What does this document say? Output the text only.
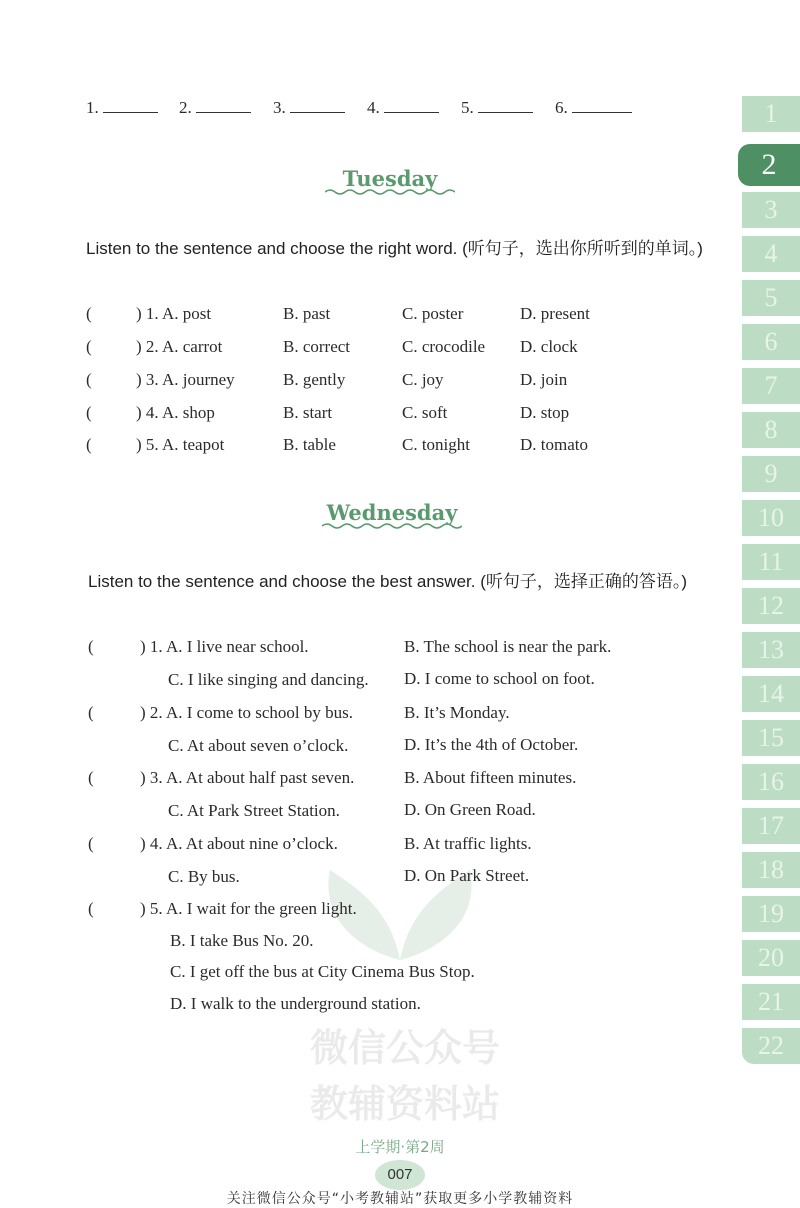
1.	2.	3.	4.	5.	6.
Tuesday
Listen to the sentence and choose the right word. (听句子，选出你所听到的单词。)
(	) 1. A. post	B. past	C. poster	D. present
(	) 2. A. carrot	B. correct	C. crocodile D. clock
(	) 3. A. journey	B. gently	C. joy	D. join
(	) 4. A. shop	B. start	C. soft	D. stop
(	) 5. A. teapot	B. table	C. tonight	D. tomato
Wednesday
Listen to the sentence and choose the best answer. (听句子，选择正确的答语。)
微信公众号
教辅资料站
(	) 1. A. I live near school.	B. The school is near the park.
C. I like singing and dancing. D. I come to school on foot.
(	) 2. A. I come to school by bus.	B. It’s Monday.
C. At about seven o’clock.	D. It’s the 4th of October.
(	) 3. A. At about half past seven.	B. About fifteen minutes.
C. At Park Street Station.	D. On Green Road.
(	) 4. A. At about nine o’clock.	B. At traffic lights.
C. By bus.	D. On Park Street.
(	) 5. A. I wait for the green light.
B. I take Bus No. 20.
C. I get off the bus at City Cinema Bus Stop.
D. I walk to the underground station.
1
2
3
4
5
6
7
8
9
10
11
12
13
14
15
16
17
18
19
20
21
22
上学期·第2周
007
关注微信公众号“小考教辅站”获取更多小学教辅资料
